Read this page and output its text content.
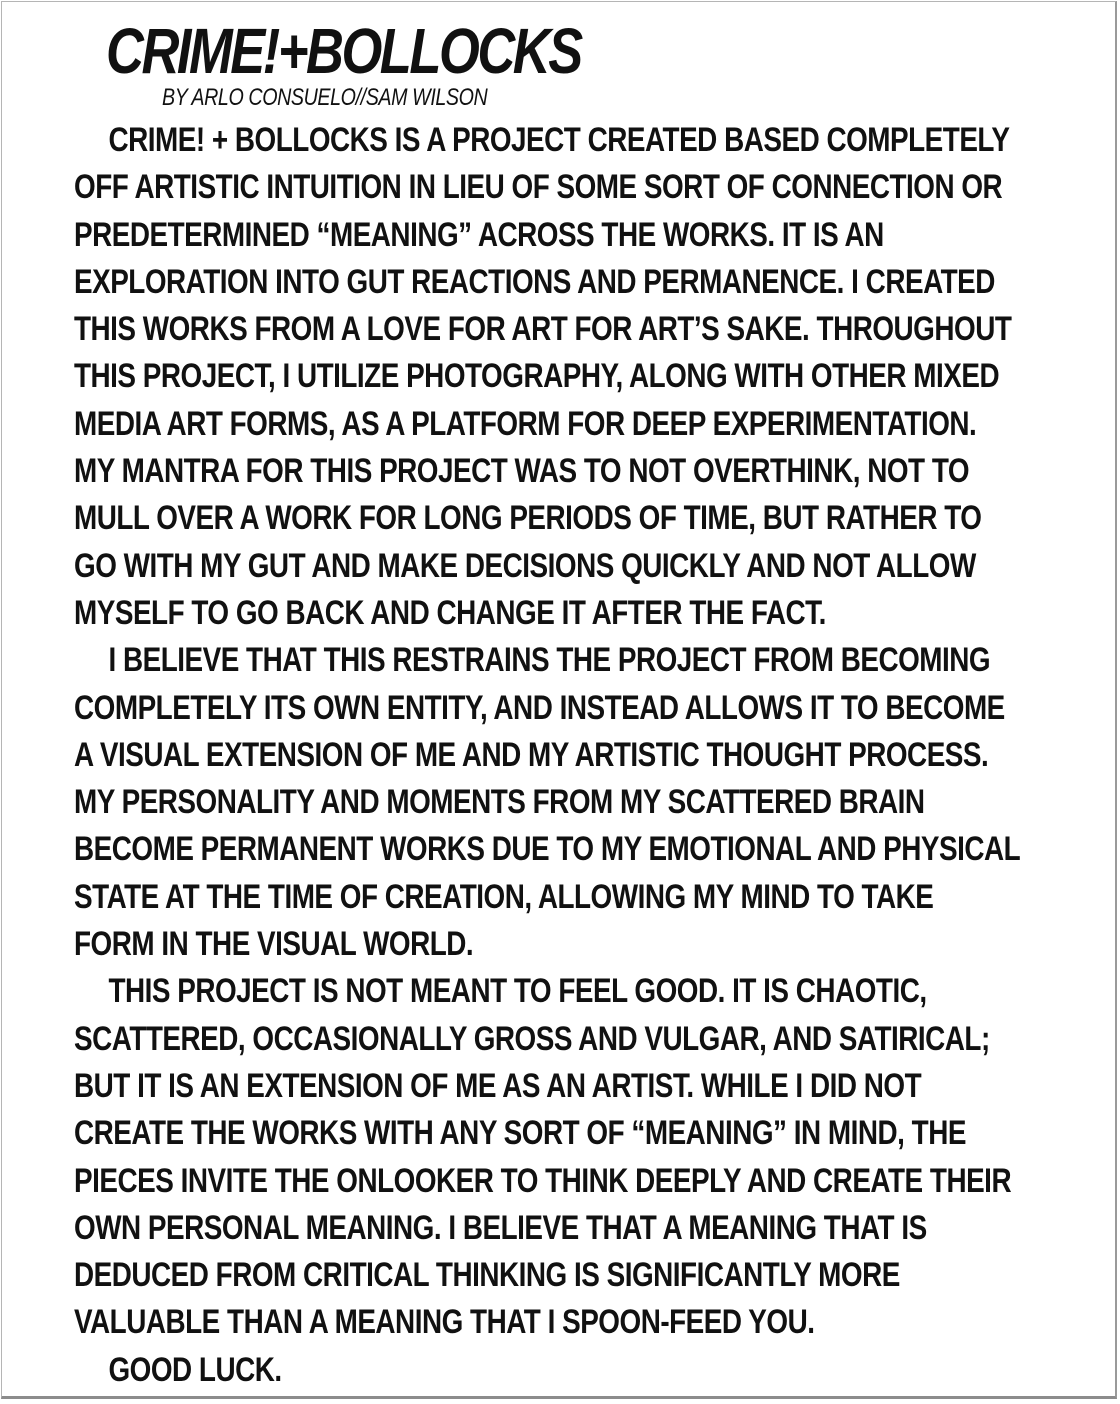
CRIME!+BOLLOCKS

BY ARLO CONSUELO//SAM WILSON

CRIME! + BOLLOCKS IS A PROJECT CREATED BASED COMPLETELY
OFF ARTISTIC INTUITION IN LIEU OF SOME SORT OF CONNECTION OR
PREDETERMINED “MEANING” ACROSS THE WORKS. IT IS AN
EXPLORATION INTO GUT REACTIONS AND PERMANENCE. I CREATED
THIS WORKS FROM A LOVE FOR ART FOR ART’S SAKE. THROUGHOUT
THIS PROJECT, I UTILIZE PHOTOGRAPHY, ALONG WITH OTHER MIXED
MEDIA ART FORMS, AS A PLATFORM FOR DEEP EXPERIMENTATION.
MY MANTRA FOR THIS PROJECT WAS TO NOT OVERTHINK, NOT TO
MULL OVER A WORK FOR LONG PERIODS OF TIME, BUT RATHER TO
GO WITH MY GUT AND MAKE DECISIONS QUICKLY AND NOT ALLOW
MYSELF TO GO BACK AND CHANGE IT AFTER THE FACT.
I BELIEVE THAT THIS RESTRAINS THE PROJECT FROM BECOMING
COMPLETELY ITS OWN ENTITY, AND INSTEAD ALLOWS IT TO BECOME
A VISUAL EXTENSION OF ME AND MY ARTISTIC THOUGHT PROCESS.
MY PERSONALITY AND MOMENTS FROM MY SCATTERED BRAIN
BECOME PERMANENT WORKS DUE TO MY EMOTIONAL AND PHYSICAL
STATE AT THE TIME OF CREATION, ALLOWING MY MIND TO TAKE
FORM IN THE VISUAL WORLD.
THIS PROJECT IS NOT MEANT TO FEEL GOOD. IT IS CHAOTIC,
SCATTERED, OCCASIONALLY GROSS AND VULGAR, AND SATIRICAL;
BUT IT IS AN EXTENSION OF ME AS AN ARTIST. WHILE I DID NOT
CREATE THE WORKS WITH ANY SORT OF “MEANING” IN MIND, THE
PIECES INVITE THE ONLOOKER TO THINK DEEPLY AND CREATE THEIR
OWN PERSONAL MEANING. I BELIEVE THAT A MEANING THAT IS
DEDUCED FROM CRITICAL THINKING IS SIGNIFICANTLY MORE
VALUABLE THAN A MEANING THAT I SPOON-FEED YOU.
GOOD LUCK.
